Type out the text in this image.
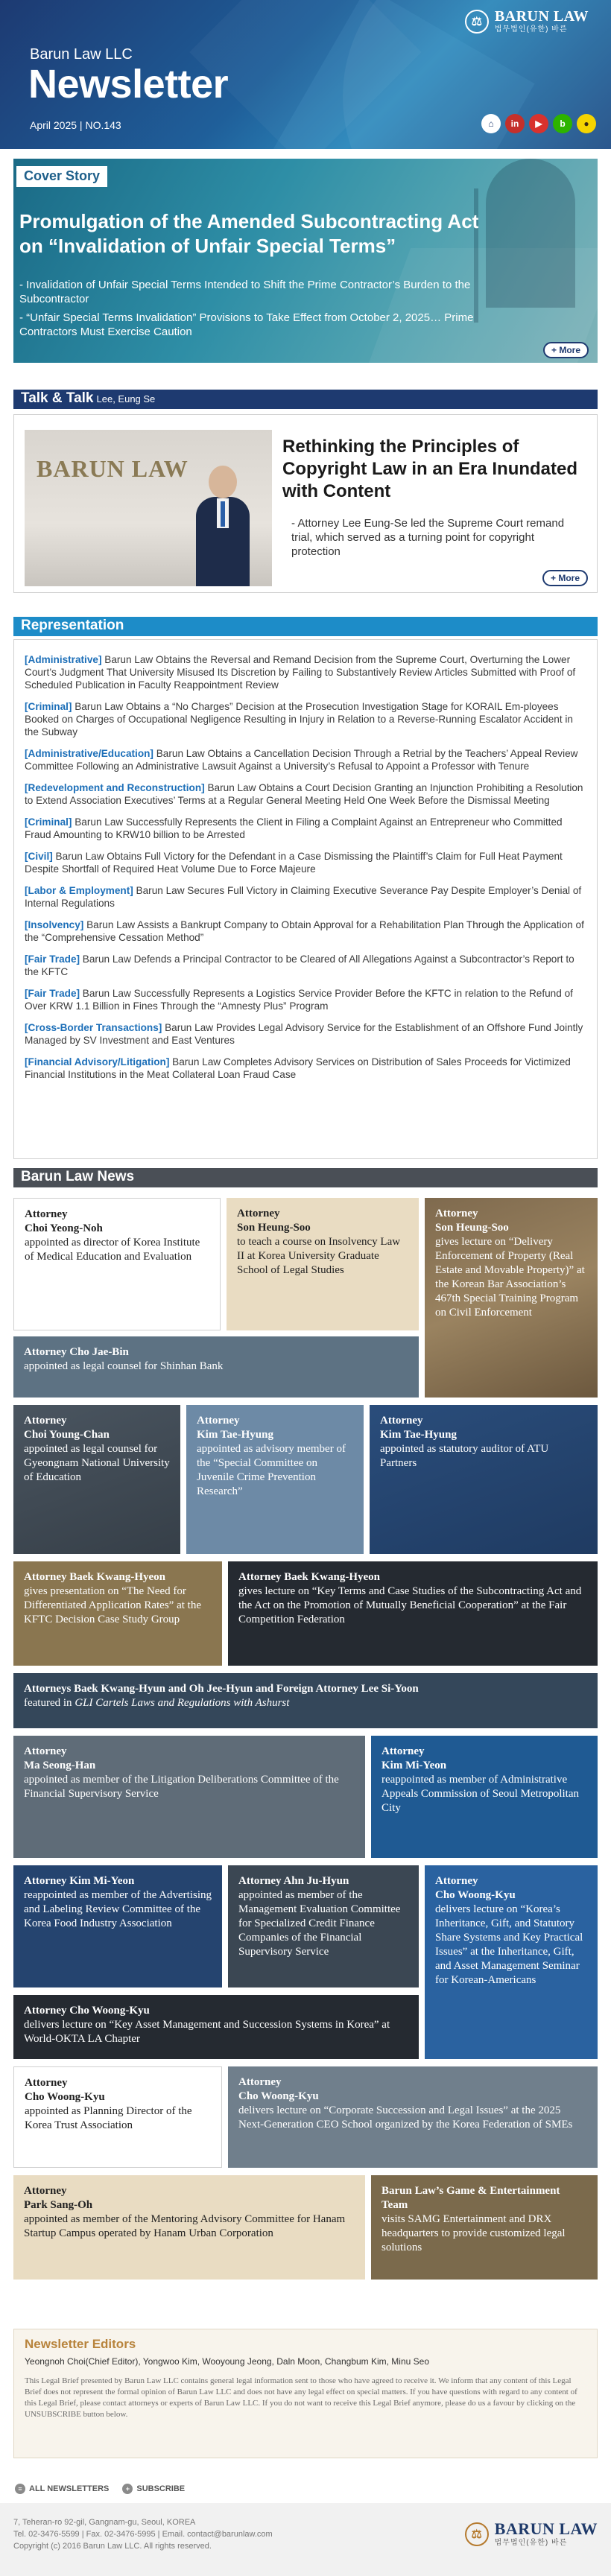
⚖ BARUN LAW
법무법인(유한) 바른
Barun Law LLC
Newsletter
April 2025 | NO.143	⌂	in	▶	b	●
Cover Story
Promulgation of the Amended Subcontracting Act on “Invalidation of Unfair Special Terms”
- Invalidation of Unfair Special Terms Intended to Shift the Prime Contractor’s Burden to the Subcontractor
- “Unfair Special Terms Invalidation” Provisions to Take Effect from October 2, 2025… Prime Contractors Must Exercise Caution
+ More
Talk & Talk Lee, Eung Se
BARUN LAW
Rethinking the Principles of Copyright Law in an Era Inundated with Content

- Attorney Lee Eung-Se led the Supreme Court remand trial, which served as a turning point for copyright protection

+ More
Representation
[Administrative] Barun Law Obtains the Reversal and Remand Decision from the Supreme Court, Overturning the Lower Court’s Judgment That University Misused Its Discretion by Failing to Substantively Review Articles Submitted with Proof of Scheduled Publication in Faculty Reappointment Review
[Criminal] Barun Law Obtains a “No Charges” Decision at the Prosecution Investigation Stage for KORAIL Em-ployees Booked on Charges of Occupational Negligence Resulting in Injury in Relation to a Reverse-Running Escalator Accident in the Subway
[Administrative/Education] Barun Law Obtains a Cancellation Decision Through a Retrial by the Teachers’ Appeal Review Committee Following an Administrative Lawsuit Against a University’s Refusal to Appoint a Professor with Tenure
[Redevelopment and Reconstruction] Barun Law Obtains a Court Decision Granting an Injunction Prohibiting a Resolution to Extend Association Executives’ Terms at a Regular General Meeting Held One Week Before the Dismissal Meeting
[Criminal] Barun Law Successfully Represents the Client in Filing a Complaint Against an Entrepreneur who Committed Fraud Amounting to KRW10 billion to be Arrested
[Civil] Barun Law Obtains Full Victory for the Defendant in a Case Dismissing the Plaintiff’s Claim for Full Heat Payment Despite Shortfall of Required Heat Volume Due to Force Majeure
[Labor & Employment] Barun Law Secures Full Victory in Claiming Executive Severance Pay Despite Employer’s Denial of Internal Regulations
[Insolvency] Barun Law Assists a Bankrupt Company to Obtain Approval for a Rehabilitation Plan Through the Application of the “Comprehensive Cessation Method”
[Fair Trade] Barun Law Defends a Principal Contractor to be Cleared of All Allegations Against a Subcontractor’s Report to the KFTC
[Fair Trade] Barun Law Successfully Represents a Logistics Service Provider Before the KFTC in relation to the Refund of Over KRW 1.1 Billion in Fines Through the “Amnesty Plus” Program
[Cross-Border Transactions] Barun Law Provides Legal Advisory Service for the Establishment of an Offshore Fund Jointly Managed by SV Investment and East Ventures
[Financial Advisory/Litigation] Barun Law Completes Advisory Services on Distribution of Sales Proceeds for Victimized Financial Institutions in the Meat Collateral Loan Fraud Case
Barun Law News
Attorney
Choi Yeong-Noh
appointed as director of Korea Institute of Medical Education and Evaluation
Attorney
Son Heung-Soo
to teach a course on Insolvency Law II at Korea University Graduate School of Legal Studies
Attorney
Son Heung-Soo
gives lecture on “Delivery Enforcement of Property (Real Estate and Movable Property)” at the Korean Bar Association’s 467th Special Training Program on Civil Enforcement
Attorney Cho Jae-Bin
appointed as legal counsel for Shinhan Bank
Attorney
Choi Young-Chan
appointed as legal counsel for Gyeongnam National University of Education
Attorney
Kim Tae-Hyung
appointed as advisory member of the “Special Committee on Juvenile Crime Prevention Research”
Attorney
Kim Tae-Hyung
appointed as statutory auditor of ATU Partners
Attorney Baek Kwang-Hyeon
gives presentation on “The Need for Differentiated Application Rates” at the KFTC Decision Case Study Group
Attorney Baek Kwang-Hyeon
gives lecture on “Key Terms and Case Studies of the Subcontracting Act and the Act on the Promotion of Mutually Beneficial Cooperation” at the Fair Competition Federation
Attorneys Baek Kwang-Hyun and Oh Jee-Hyun and Foreign Attorney Lee Si-Yoon
featured in GLI Cartels Laws and Regulations with Ashurst
Attorney
Ma Seong-Han
appointed as member of the Litigation Deliberations Committee of the Financial Supervisory Service
Attorney
Kim Mi-Yeon
reappointed as member of Administrative Appeals Commission of Seoul Metropolitan City
Attorney Kim Mi-Yeon
reappointed as member of the Advertising and Labeling Review Committee of the Korea Food Industry Association
Attorney Ahn Ju-Hyun
appointed as member of the Management Evaluation Committee for Specialized Credit Finance Companies of the Financial Supervisory Service
Attorney
Cho Woong-Kyu
delivers lecture on “Korea’s Inheritance, Gift, and Statutory Share Systems and Key Practical Issues” at the Inheritance, Gift, and Asset Management Seminar for Korean-Americans
Attorney Cho Woong-Kyu
delivers lecture on “Key Asset Management and Succession Systems in Korea” at World-OKTA LA Chapter
Attorney
Cho Woong-Kyu
appointed as Planning Director of the Korea Trust Association
Attorney
Cho Woong-Kyu
delivers lecture on “Corporate Succession and Legal Issues” at the 2025 Next-Generation CEO School organized by the Korea Federation of SMEs
Attorney
Park Sang-Oh
appointed as member of the Mentoring Advisory Committee for Hanam Startup Campus operated by Hanam Urban Corporation
Barun Law’s Game & Entertainment Team
visits SAMG Entertainment and DRX headquarters to provide customized legal solutions
Newsletter Editors
Yeongnoh Choi(Chief Editor), Yongwoo Kim, Wooyoung Jeong, Daln Moon, Changbum Kim, Minu Seo
This Legal Brief presented by Barun Law LLC contains general legal information sent to those who have agreed to receive it. We inform that any content of this Legal Brief does not represent the formal opinion of Barun Law LLC and does not have any legal effect on special matters. If you have questions with regard to any content of this Legal Brief, please contact attorneys or experts of Barun Law LLC. If you do not want to receive this Legal Brief anymore, please do us a favour by clicking on the UNSUBSCRIBE button below.
≡ ALL NEWSLETTERS	+ SUBSCRIBE
7, Teheran-ro 92-gil, Gangnam-gu, Seoul, KOREA
Tel. 02-3476-5599 | Fax. 02-3476-5995 | Email. contact@barunlaw.com
Copyright (c) 2016 Barun Law LLC. All rights reserved.
⚖ BARUN LAW
법무법인(유한) 바른
